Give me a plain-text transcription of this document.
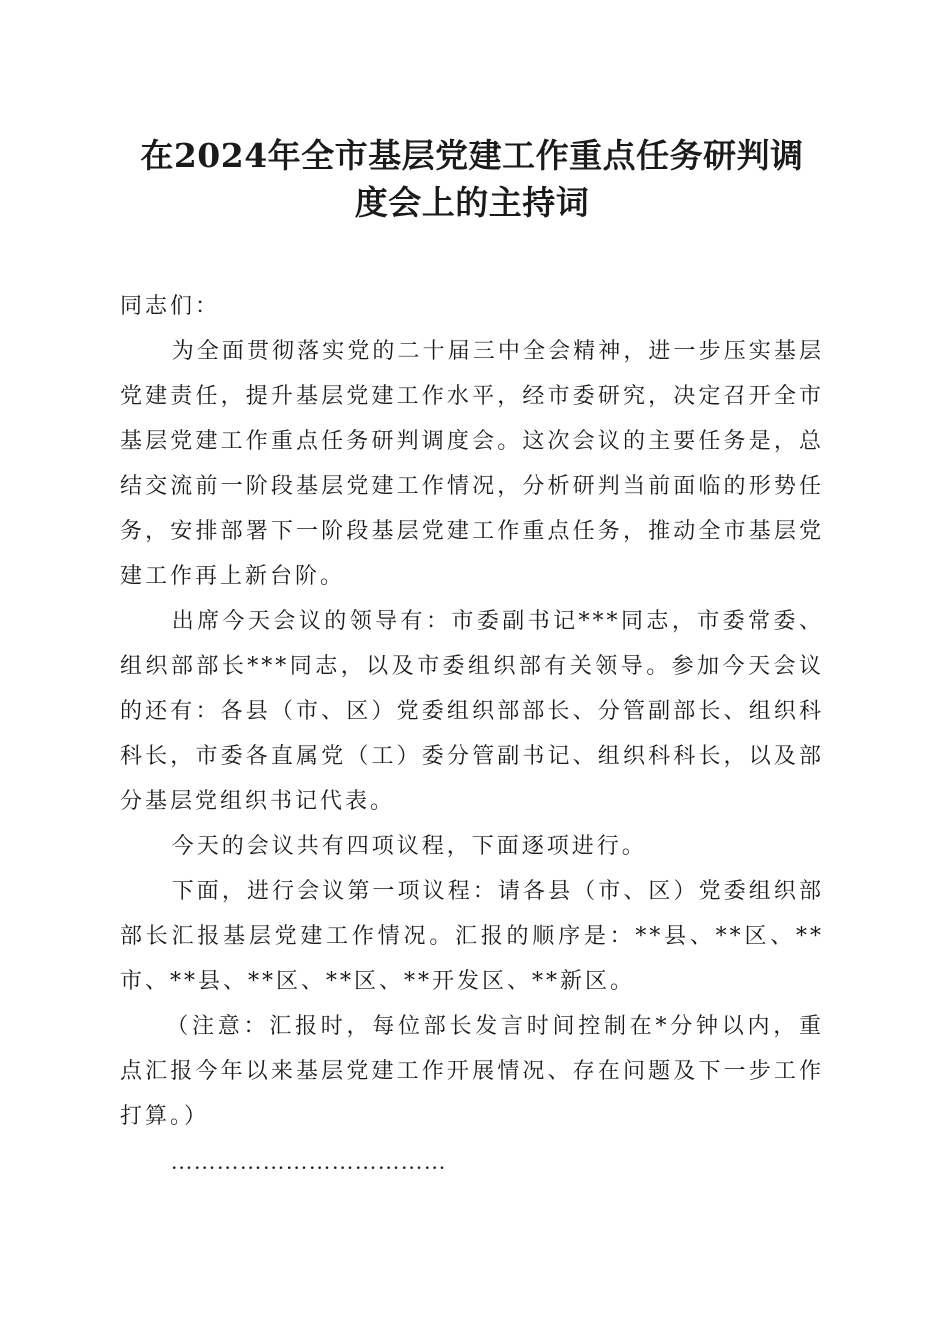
在2024年全市基层党建工作重点任务研判调
度会上的主持词

同志们：

为全面贯彻落实党的二十届三中全会精神，进一步压实基层党建责任，提升基层党建工作水平，经市委研究，决定召开全市基层党建工作重点任务研判调度会。这次会议的主要任务是，总结交流前一阶段基层党建工作情况，分析研判当前面临的形势任务，安排部署下一阶段基层党建工作重点任务，推动全市基层党建工作再上新台阶。

出席今天会议的领导有：市委副书记***同志，市委常委、组织部部长***同志，以及市委组织部有关领导。参加今天会议的还有：各县（市、区）党委组织部部长、分管副部长、组织科科长，市委各直属党（工）委分管副书记、组织科科长，以及部分基层党组织书记代表。

今天的会议共有四项议程，下面逐项进行。

下面，进行会议第一项议程：请各县（市、区）党委组织部部长汇报基层党建工作情况。汇报的顺序是：**县、**区、**市、**县、**区、**区、**开发区、**新区。

（注意：汇报时，每位部长发言时间控制在*分钟以内，重点汇报今年以来基层党建工作开展情况、存在问题及下一步工作打算。）

………………………………
